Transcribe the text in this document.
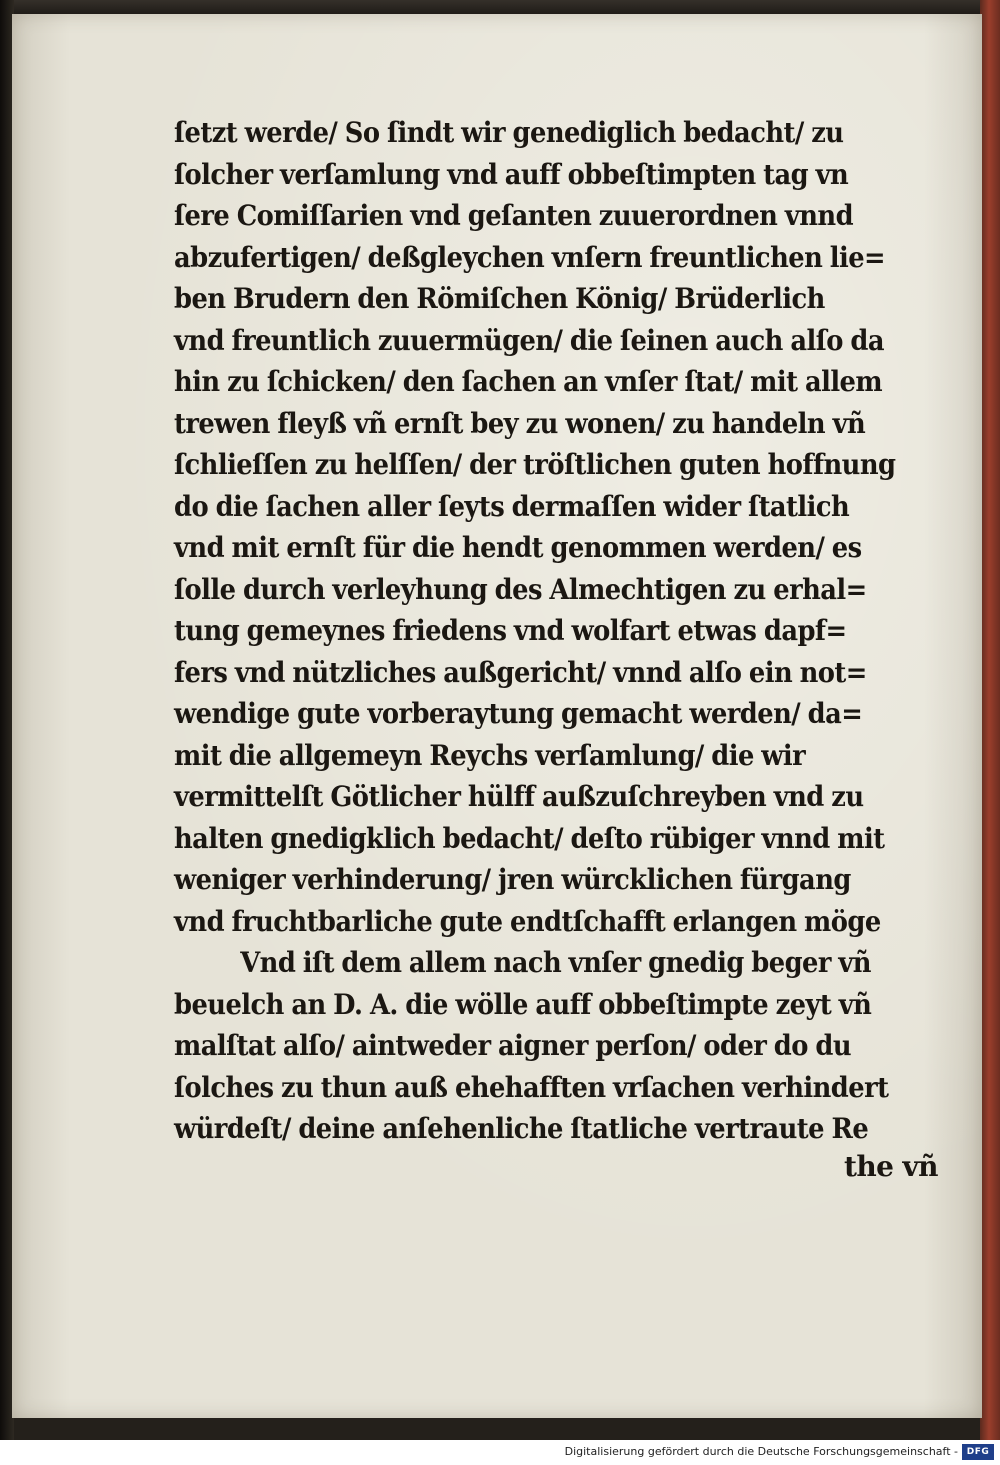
ſetzt werde/ So ſindt wir genediglich bedacht/ zu
ſolcher verſamlung vnd auff obbeſtimpten tag vn
ſere Comiſſarien vnd geſanten zuuerordnen vnnd
abzufertigen/ deßgleychen vnſern freuntlichen lie=
ben Brudern den Römiſchen König/ Brüderlich
vnd freuntlich zuuermügen/ die ſeinen auch alſo da
hin zu ſchicken/ den ſachen an vnſer ſtat/ mit allem
trewen fleyß vñ ernſt bey zu wonen/ zu handeln vñ
ſchlieſſen zu helſſen/ der tröſtlichen guten hoffnung
do die ſachen aller ſeyts dermaſſen wider ſtatlich
vnd mit ernſt für die hendt genommen werden/ es
ſolle durch verleyhung des Almechtigen zu erhal=
tung gemeynes friedens vnd wolfart etwas dapf=
fers vnd nützliches außgericht/ vnnd alſo ein not=
wendige gute vorberaytung gemacht werden/ da=
mit die allgemeyn Reychs verſamlung/ die wir
vermittelſt Götlicher hülff außzuſchreyben vnd zu
halten gnedigklich bedacht/ deſto rübiger vnnd mit
weniger verhinderung/ jren würcklichen fürgang
vnd fruchtbarliche gute endtſchafft erlangen möge
Vnd iſt dem allem nach vnſer gnedig beger vñ
beuelch an D. A. die wölle auff obbeſtimpte zeyt vñ
malſtat alſo/ aintweder aigner perſon/ oder do du
ſolches zu thun auß ehehafften vrſachen verhindert
würdeſt/ deine anſehenliche ſtatliche vertraute Re
the vñ
Digitalisierung gefördert durch die Deutsche Forschungsgemeinschaft - DFG
